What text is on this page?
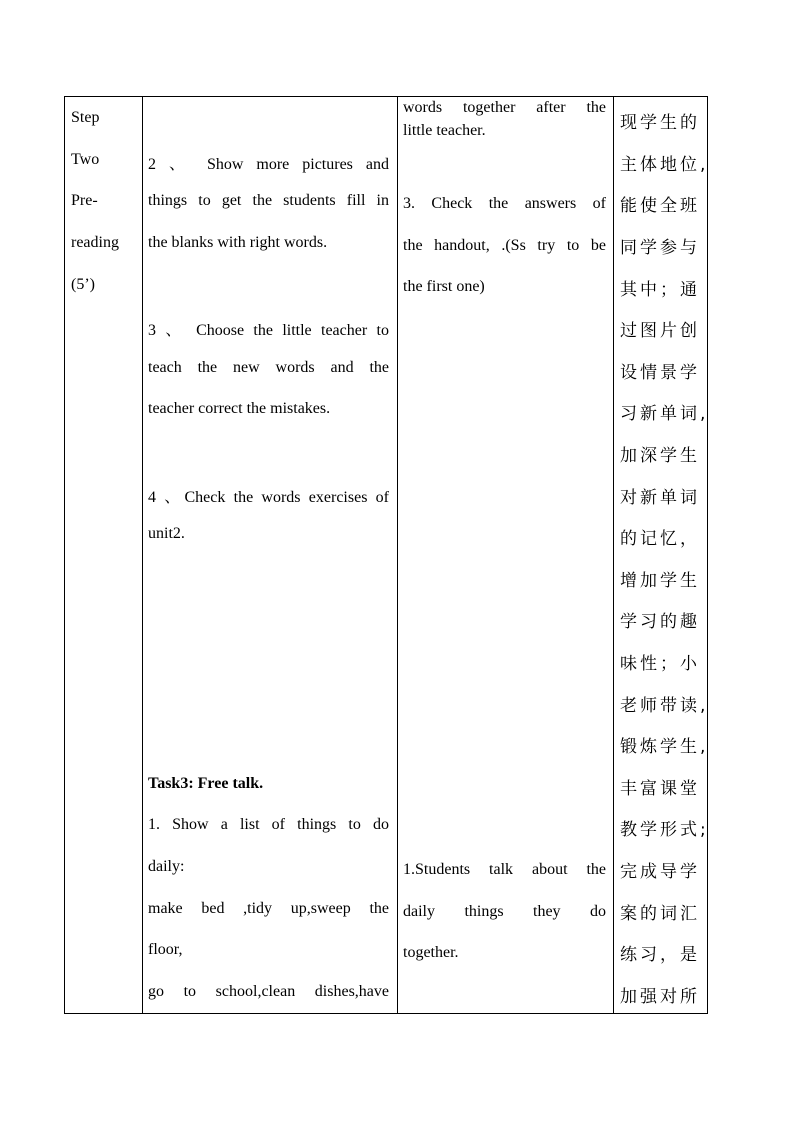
Step
Two
Pre-
reading
(5’)
2 、 Show more pictures and
things to get the students fill in
the blanks with right words.
3 、 Choose the little teacher to
teach the new words and the
teacher correct the mistakes.
4 、Check the words exercises of
unit2.
Task3: Free talk.
1. Show a list of things to do
daily:
make bed ,tidy up,sweep the
floor,
go to school,clean dishes,have
words together after the
little teacher.
3. Check the answers of
the handout, .(Ss try to be
the first one)
1.Students talk about the
daily things they do
together.
现学生的
主体地位,
能使全班
同学参与
其中；通
过图片创
设情景学
习新单词,
加深学生
对新单词
的记忆，
增加学生
学习的趣
味性；小
老师带读,
锻炼学生,
丰富课堂
教学形式;
完成导学
案的词汇
练习，是
加强对所
